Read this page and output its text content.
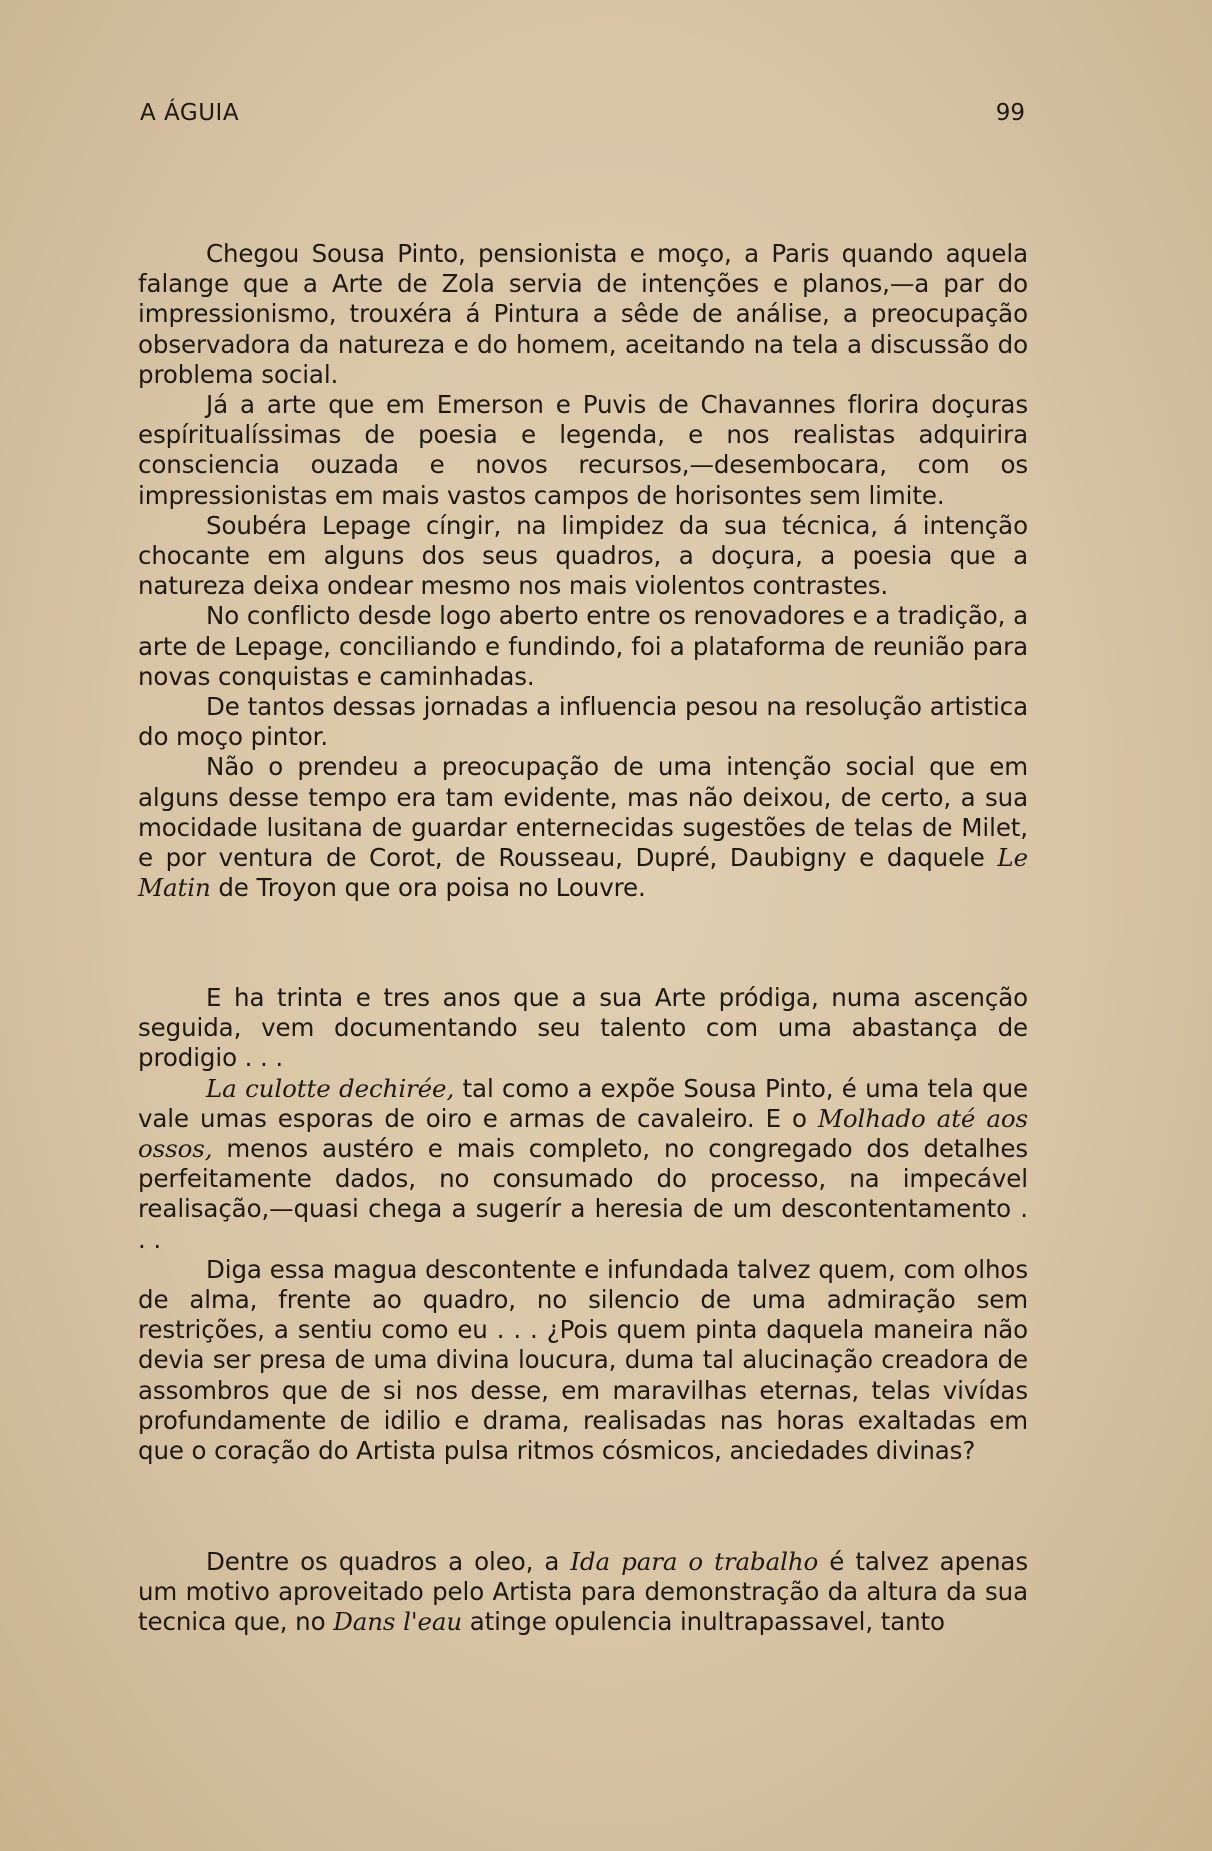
A ÁGUIA	99

Chegou Sousa Pinto, pensionista e moço, a Paris quando aquela falange que a Arte de Zola servia de intenções e planos,—a par do impressionismo, trouxéra á Pintura a sêde de análise, a preocupação observadora da natureza e do homem, aceitando na tela a discussão do problema social.

Já a arte que em Emerson e Puvis de Chavannes florira doçuras espíritualíssimas de poesia e legenda, e nos realistas adquirira consciencia ouzada e novos recursos,—desembocara, com os impressionistas em mais vastos campos de horisontes sem limite.

Soubéra Lepage cíngir, na limpidez da sua técnica, á intenção chocante em alguns dos seus quadros, a doçura, a poesia que a natureza deixa ondear mesmo nos mais violentos contrastes.

No conflicto desde logo aberto entre os renovadores e a tradição, a arte de Lepage, conciliando e fundindo, foi a plataforma de reunião para novas conquistas e caminhadas.

De tantos dessas jornadas a influencia pesou na resolução artistica do moço pintor.

Não o prendeu a preocupação de uma intenção social que em alguns desse tempo era tam evidente, mas não deixou, de certo, a sua mocidade lusitana de guardar enternecidas sugestões de telas de Milet, e por ventura de Corot, de Rousseau, Dupré, Daubigny e daquele Le Matin de Troyon que ora poisa no Louvre.

E ha trinta e tres anos que a sua Arte pródiga, numa ascenção seguida, vem documentando seu talento com uma abastança de prodigio . . .

La culotte dechirée, tal como a expõe Sousa Pinto, é uma tela que vale umas esporas de oiro e armas de cavaleiro. E o Molhado até aos ossos, menos austéro e mais completo, no congregado dos detalhes perfeitamente dados, no consumado do processo, na impecável realisação,—quasi chega a sugerír a heresia de um descontentamento . . .

Diga essa magua descontente e infundada talvez quem, com olhos de alma, frente ao quadro, no silencio de uma admiração sem restrições, a sentiu como eu . . . ¿Pois quem pinta daquela maneira não devia ser presa de uma divina loucura, duma tal alucinação creadora de assombros que de si nos desse, em maravilhas eternas, telas vivídas profundamente de idilio e drama, realisadas nas horas exaltadas em que o coração do Artista pulsa ritmos cósmicos, anciedades divinas?

Dentre os quadros a oleo, a Ida para o trabalho é talvez apenas um motivo aproveitado pelo Artista para demonstração da altura da sua tecnica que, no Dans l'eau atinge opulencia inultrapassavel, tanto
